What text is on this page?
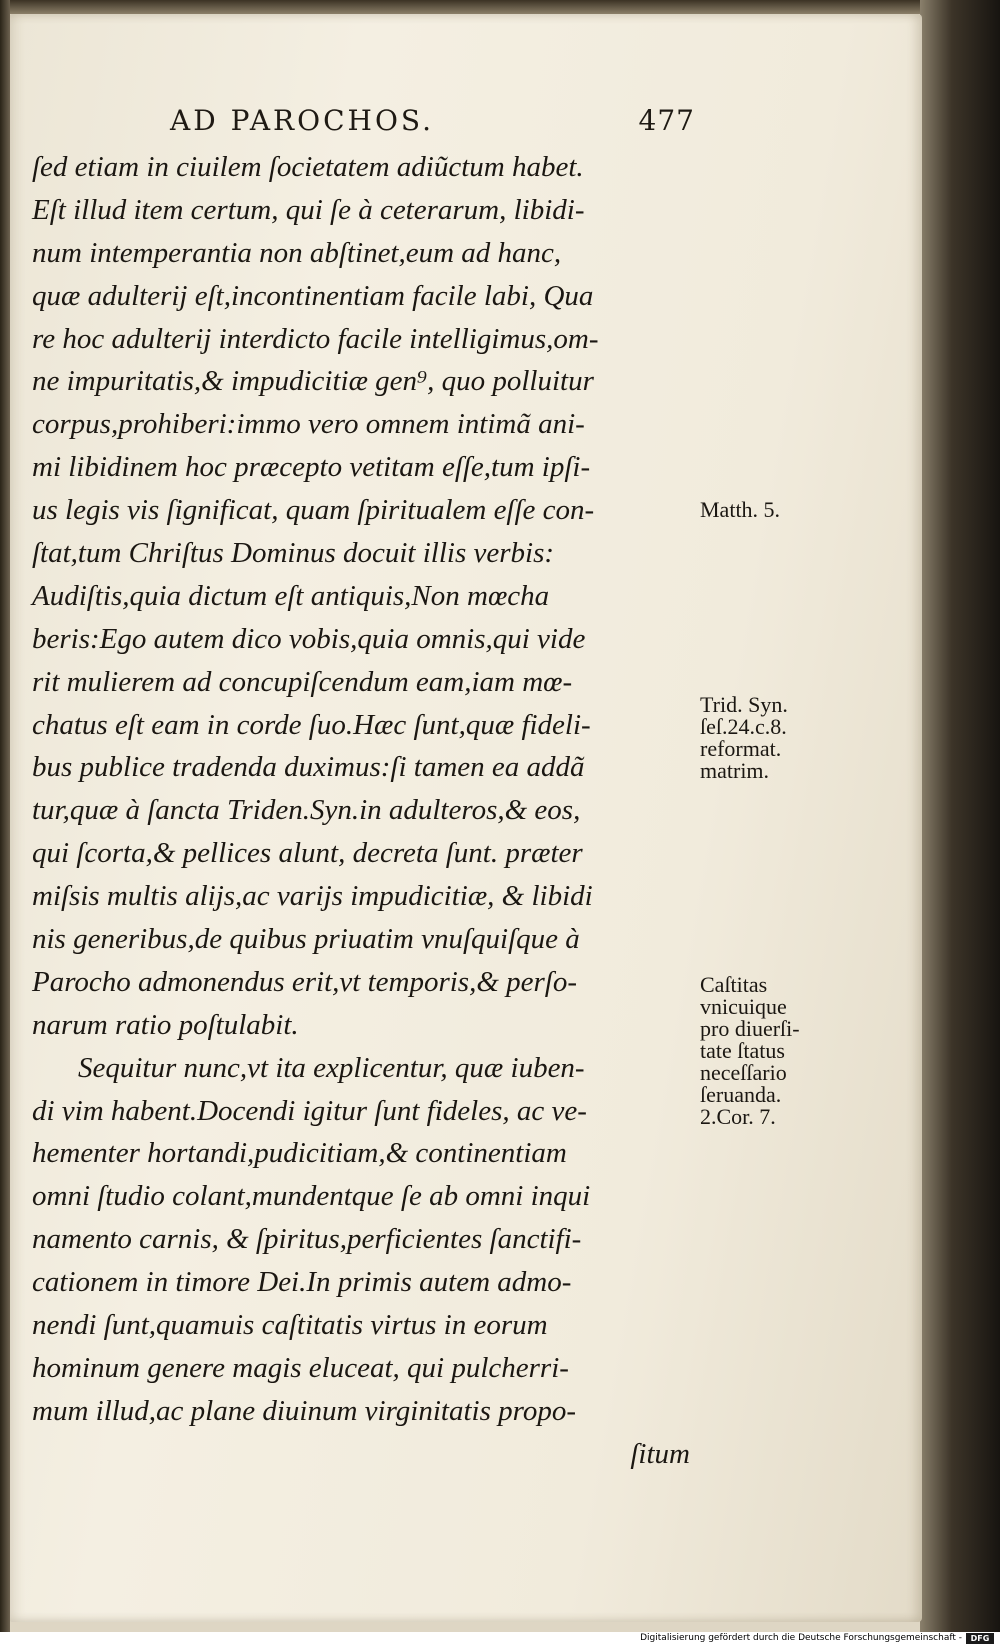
AD PAROCHOS.	477
ſed etiam in ciuilem ſocietatem adiũctum habet.
Eſt illud item certum, qui ſe à ceterarum, libidi-
num intemperantia non abſtinet,eum ad hanc,
quæ adulterij eſt,incontinentiam facile labi, Qua
re hoc adulterij interdicto facile intelligimus,om-
ne impuritatis,& impudicitiæ gen⁹, quo polluitur
corpus,prohiberi:immo vero omnem intimã ani-
mi libidinem hoc præcepto vetitam eſſe,tum ipſi-
us legis vis ſignificat, quam ſpiritualem eſſe con-
ſtat,tum Chriſtus Dominus docuit illis verbis:
Audiſtis,quia dictum eſt antiquis,Non mœcha
beris:Ego autem dico vobis,quia omnis,qui vide
rit mulierem ad concupiſcendum eam,iam mœ-
chatus eſt eam in corde ſuo.Hæc ſunt,quæ fideli-
bus publice tradenda duximus:ſi tamen ea addã
tur,quæ à ſancta Triden.Syn.in adulteros,& eos,
qui ſcorta,& pellices alunt, decreta ſunt. præter
miſsis multis alijs,ac varijs impudicitiæ, & libidi
nis generibus,de quibus priuatim vnuſquiſque à
Parocho admonendus erit,vt temporis,& perſo-
narum ratio poſtulabit.
Sequitur nunc,vt ita explicentur, quæ iuben-
di vim habent.Docendi igitur ſunt fideles, ac ve-
hementer hortandi,pudicitiam,& continentiam
omni ſtudio colant,mundentque ſe ab omni inqui
namento carnis, & ſpiritus,perficientes ſanctifi-
cationem in timore Dei.In primis autem admo-
nendi ſunt,quamuis caſtitatis virtus in eorum
hominum genere magis eluceat, qui pulcherri-
mum illud,ac plane diuinum virginitatis propo-
ſitum
Matth. 5.
Trid. Syn.
ſeſ.24.c.8.
reformat.
matrim.
Caſtitas
vnicuique
pro diuerſi-
tate ſtatus
neceſſario
ſeruanda.
2.Cor. 7.
Digitalisierung gefördert durch die Deutsche Forschungsgemeinschaft -	DFG
